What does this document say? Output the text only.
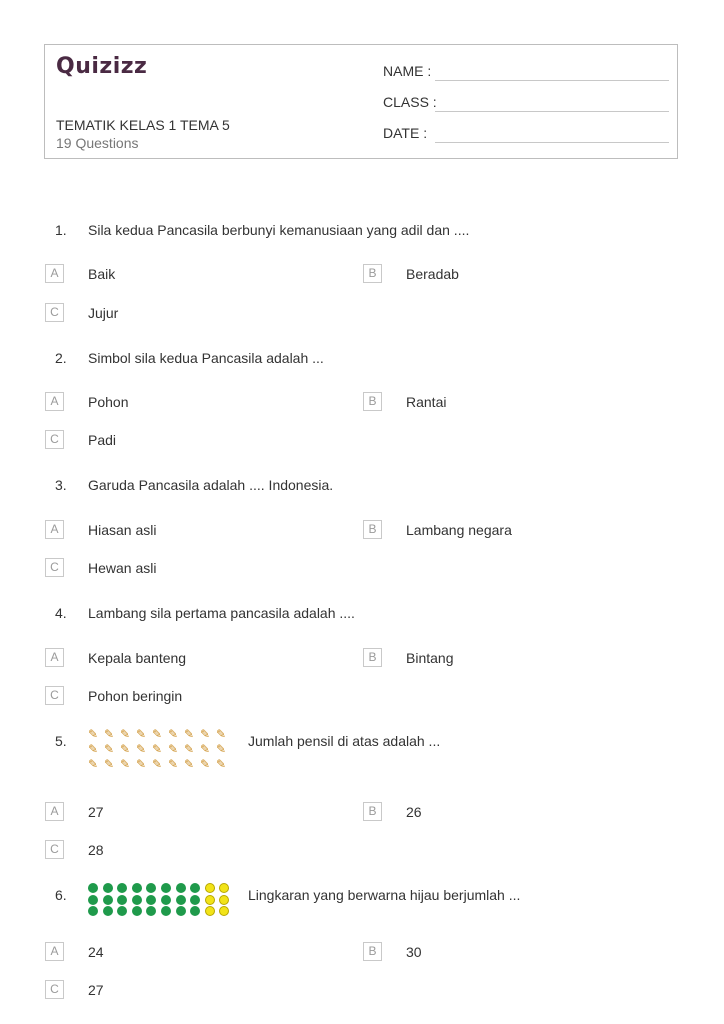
Quizizz
TEMATIK KELAS 1 TEMA 5
19 Questions
NAME :
CLASS :
DATE :
1. Sila kedua Pancasila berbunyi kemanusiaan yang adil dan ....
A	Baik	B	Beradab
C	Jujur
2. Simbol sila kedua Pancasila adalah ...
A	Pohon	B	Rantai
C	Padi
3. Garuda Pancasila adalah .... Indonesia.
A	Hiasan asli	B	Lambang negara
C	Hewan asli
4. Lambang sila pertama pancasila adalah ....
A	Kepala banteng	B	Bintang
C	Pohon beringin
5. ✎ ✎ ✎ ✎ ✎ ✎ ✎ ✎ ✎
✎ ✎ ✎ ✎ ✎ ✎ ✎ ✎ ✎
✎ ✎ ✎ ✎ ✎ ✎ ✎ ✎ ✎
Jumlah pensil di atas adalah ...
A	27	B	26
C	28
6.	Lingkaran yang berwarna hijau berjumlah ...
A	24	B	30
C	27
